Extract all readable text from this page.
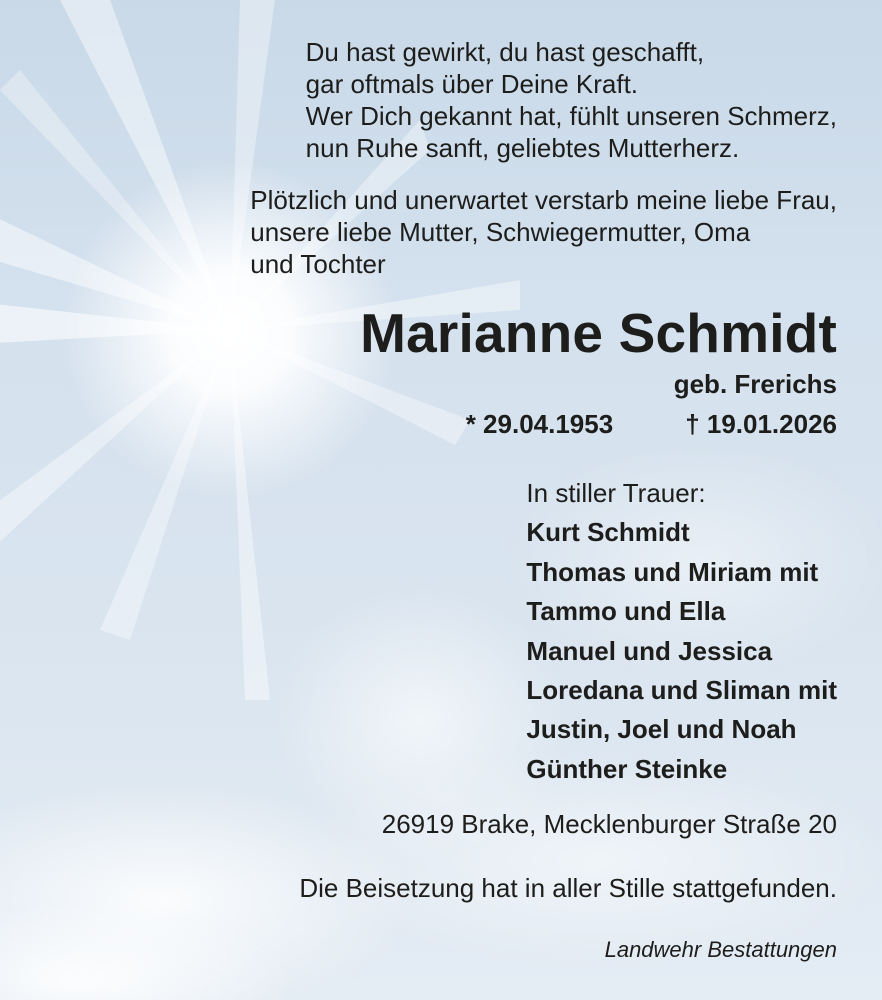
Du hast gewirkt, du hast geschafft,
gar oftmals über Deine Kraft.
Wer Dich gekannt hat, fühlt unseren Schmerz,
nun Ruhe sanft, geliebtes Mutterherz.
Plötzlich und unerwartet verstarb meine liebe Frau,
unsere liebe Mutter, Schwiegermutter, Oma
und Tochter
Marianne Schmidt
geb. Frerichs
* 29.04.1953	† 19.01.2026
In stiller Trauer:
Kurt Schmidt
Thomas und Miriam mit
Tammo und Ella
Manuel und Jessica
Loredana und Sliman mit
Justin, Joel und Noah
Günther Steinke
26919 Brake, Mecklenburger Straße 20
Die Beisetzung hat in aller Stille stattgefunden.
Landwehr Bestattungen
